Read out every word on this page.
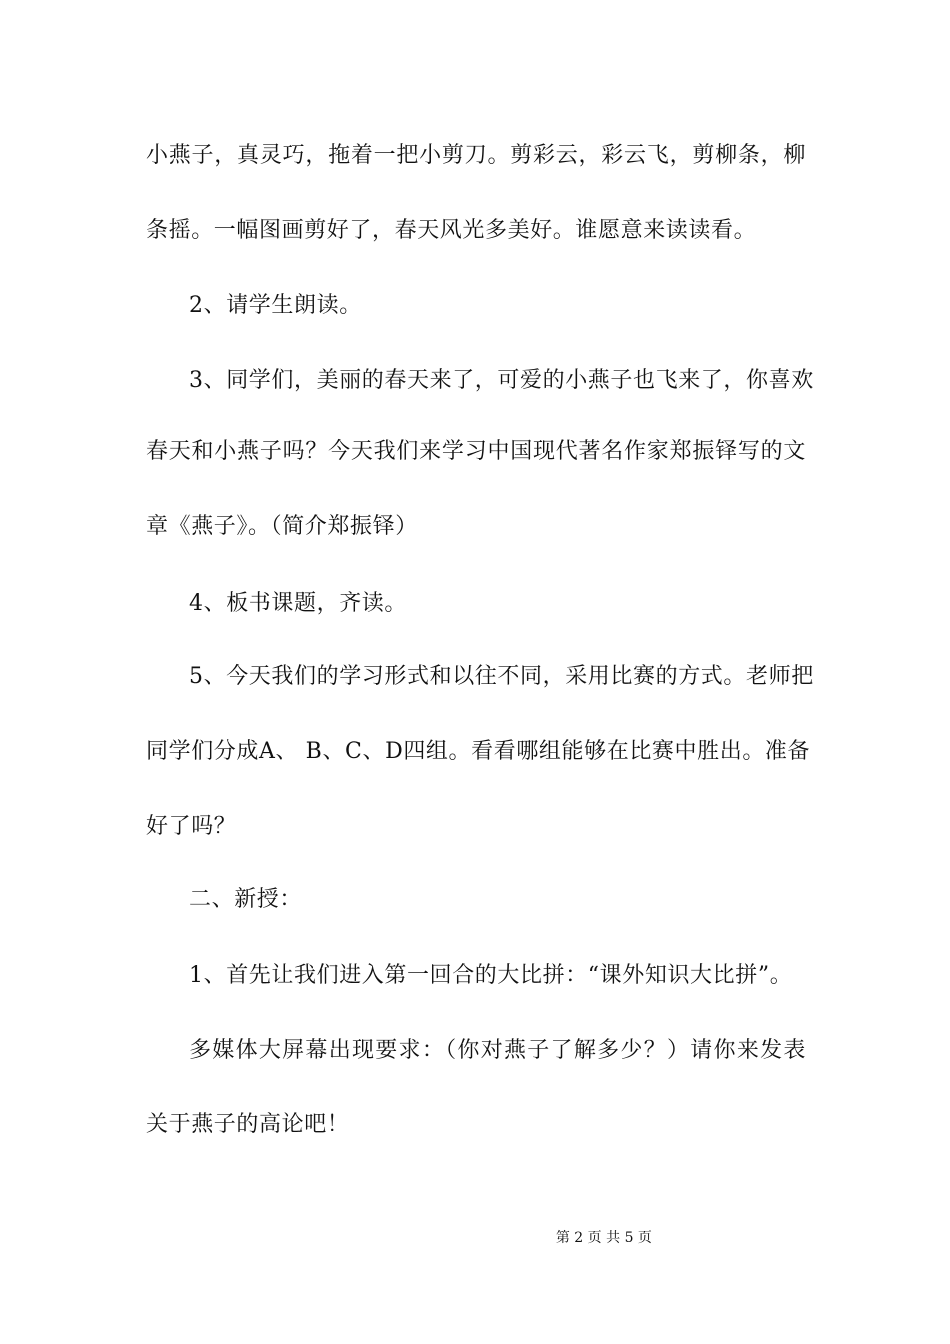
小燕子，真灵巧，拖着一把小剪刀。剪彩云，彩云飞，剪柳条，柳
条摇。一幅图画剪好了，春天风光多美好。谁愿意来读读看。
2、请学生朗读。
3、同学们，美丽的春天来了，可爱的小燕子也飞来了，你喜欢
春天和小燕子吗？今天我们来学习中国现代著名作家郑振铎写的文
章《燕子》。（简介郑振铎）
4、板书课题，齐读。
5、今天我们的学习形式和以往不同，采用比赛的方式。老师把
同学们分成A、 B、C、D四组。看看哪组能够在比赛中胜出。准备
好了吗？
二、新授：
1、首先让我们进入第一回合的大比拼：“课外知识大比拼”。
多媒体大屏幕出现要求：（你对燕子了解多少？）请你来发表
关于燕子的高论吧！

第 2 页 共 5 页
